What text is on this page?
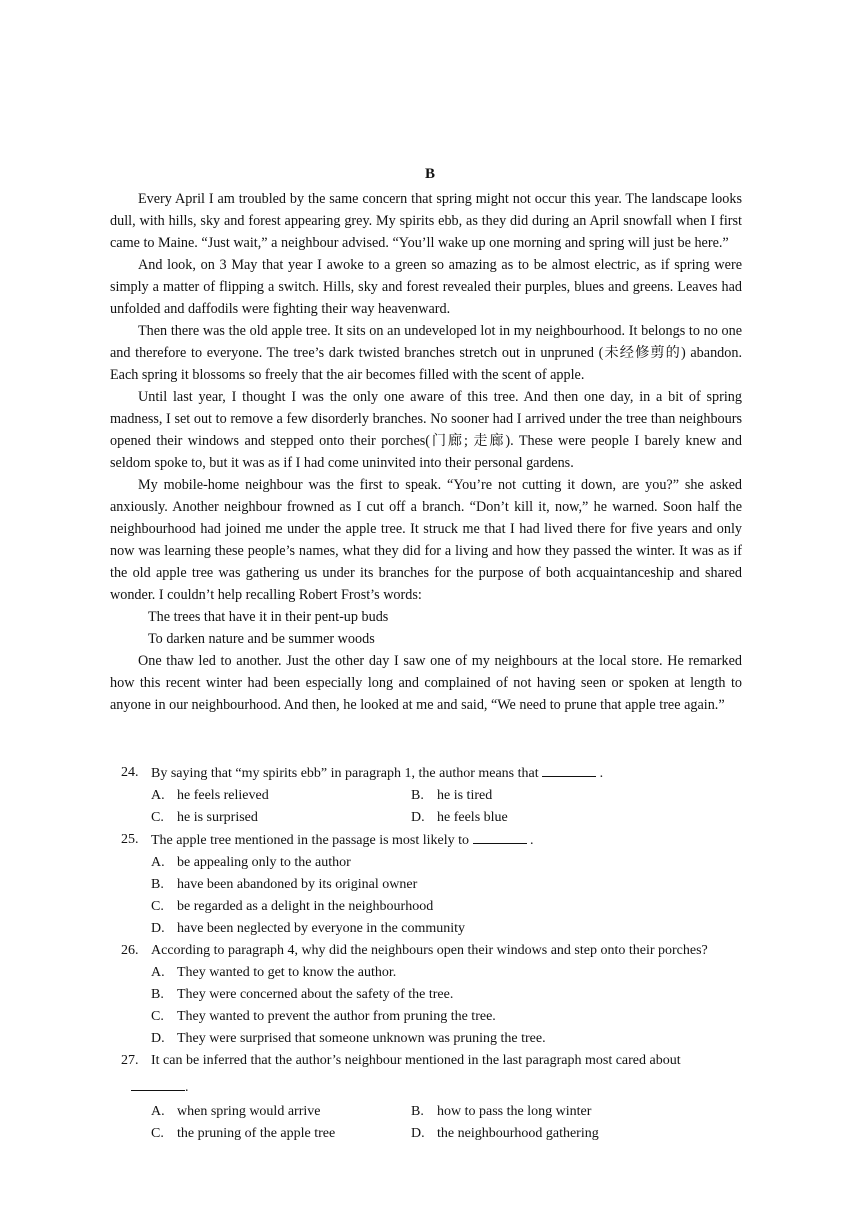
B

Every April I am troubled by the same concern that spring might not occur this year. The landscape looks dull, with hills, sky and forest appearing grey. My spirits ebb, as they did during an April snowfall when I first came to Maine. “Just wait,” a neighbour advised. “You’ll wake up one morning and spring will just be here.”

And look, on 3 May that year I awoke to a green so amazing as to be almost electric, as if spring were simply a matter of flipping a switch. Hills, sky and forest revealed their purples, blues and greens. Leaves had unfolded and daffodils were fighting their way heavenward.

Then there was the old apple tree. It sits on an undeveloped lot in my neighbourhood. It belongs to no one and therefore to everyone. The tree’s dark twisted branches stretch out in unpruned (未经修剪的) abandon. Each spring it blossoms so freely that the air becomes filled with the scent of apple.

Until last year, I thought I was the only one aware of this tree. And then one day, in a bit of spring madness, I set out to remove a few disorderly branches. No sooner had I arrived under the tree than neighbours opened their windows and stepped onto their porches(门廊; 走廊). These were people I barely knew and seldom spoke to, but it was as if I had come uninvited into their personal gardens.

My mobile-home neighbour was the first to speak. “You’re not cutting it down, are you?” she asked anxiously. Another neighbour frowned as I cut off a branch. “Don’t kill it, now,” he warned. Soon half the neighbourhood had joined me under the apple tree. It struck me that I had lived there for five years and only now was learning these people’s names, what they did for a living and how they passed the winter. It was as if the old apple tree was gathering us under its branches for the purpose of both acquaintanceship and shared wonder. I couldn’t help recalling Robert Frost’s words:

The trees that have it in their pent-up buds

To darken nature and be summer woods

One thaw led to another. Just the other day I saw one of my neighbours at the local store. He remarked how this recent winter had been especially long and complained of not having seen or spoken at length to anyone in our neighbourhood. And then, he looked at me and said, “We need to prune that apple tree again.”

24. By saying that “my spirits ebb” in paragraph 1, the author means that	.
A. he feels relieved	B. he is tired
C. he is surprised	D. he feels blue
25. The apple tree mentioned in the passage is most likely to	.
A. be appealing only to the author
B. have been abandoned by its original owner
C. be regarded as a delight in the neighbourhood
D. have been neglected by everyone in the community
26. According to paragraph 4, why did the neighbours open their windows and step onto their porches?
A. They wanted to get to know the author.
B. They were concerned about the safety of the tree.
C. They wanted to prevent the author from pruning the tree.
D. They were surprised that someone unknown was pruning the tree.
27. It can be inferred that the author’s neighbour mentioned in the last paragraph most cared about
.
A. when spring would arrive	B. how to pass the long winter
C. the pruning of the apple tree	D. the neighbourhood gathering
